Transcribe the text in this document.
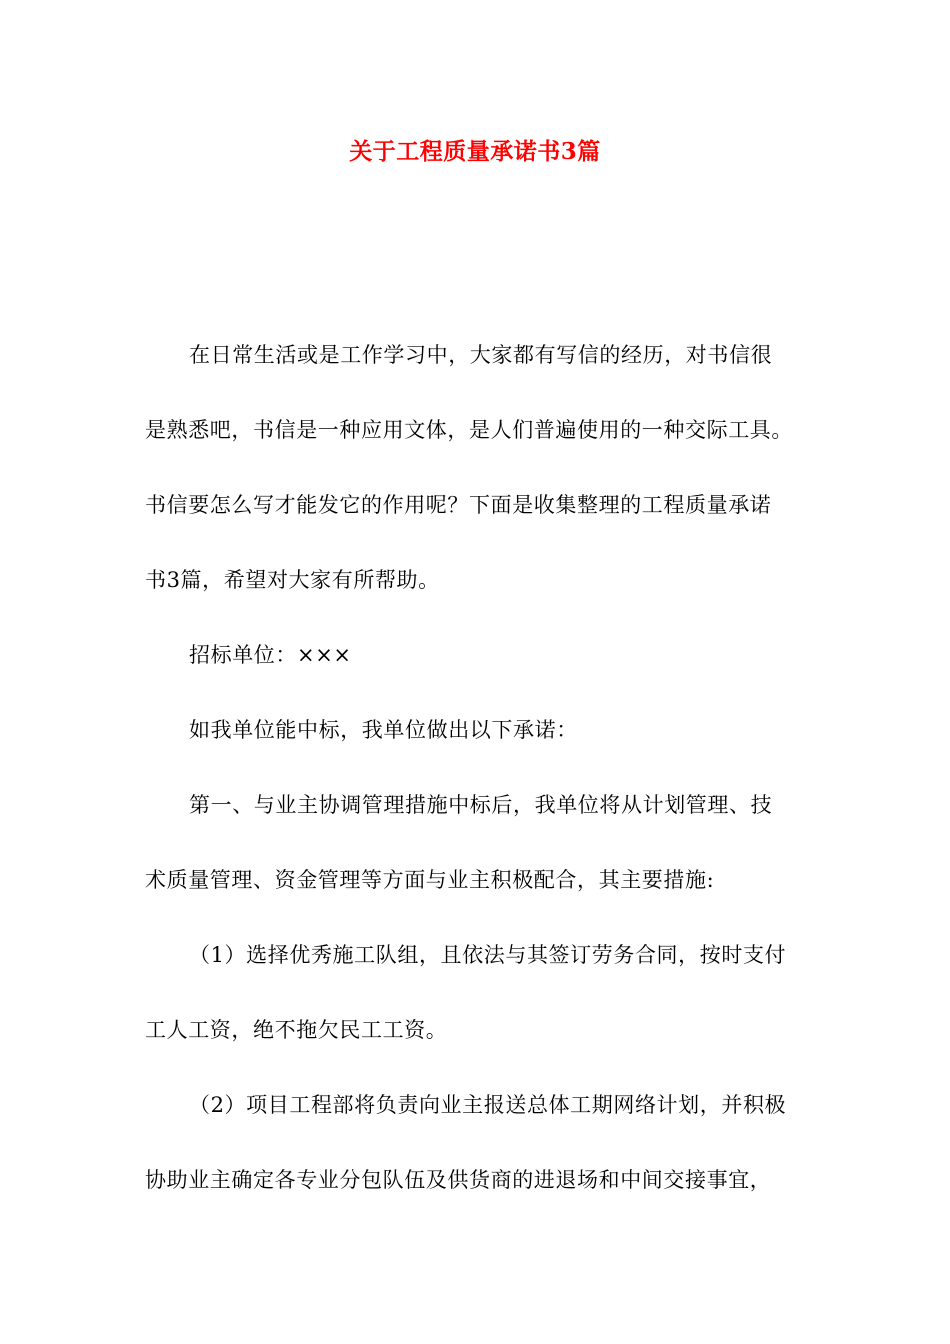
关于工程质量承诺书3篇

在日常生活或是工作学习中，大家都有写信的经历，对书信很
是熟悉吧，书信是一种应用文体，是人们普遍使用的一种交际工具。
书信要怎么写才能发它的作用呢？下面是收集整理的工程质量承诺
书3篇，希望对大家有所帮助。

招标单位：×××

如我单位能中标，我单位做出以下承诺：

第一、与业主协调管理措施中标后，我单位将从计划管理、技
术质量管理、资金管理等方面与业主积极配合，其主要措施:

（1）选择优秀施工队组，且依法与其签订劳务合同，按时支付
工人工资，绝不拖欠民工工资。

（2）项目工程部将负责向业主报送总体工期网络计划，并积极
协助业主确定各专业分包队伍及供货商的进退场和中间交接事宜，
